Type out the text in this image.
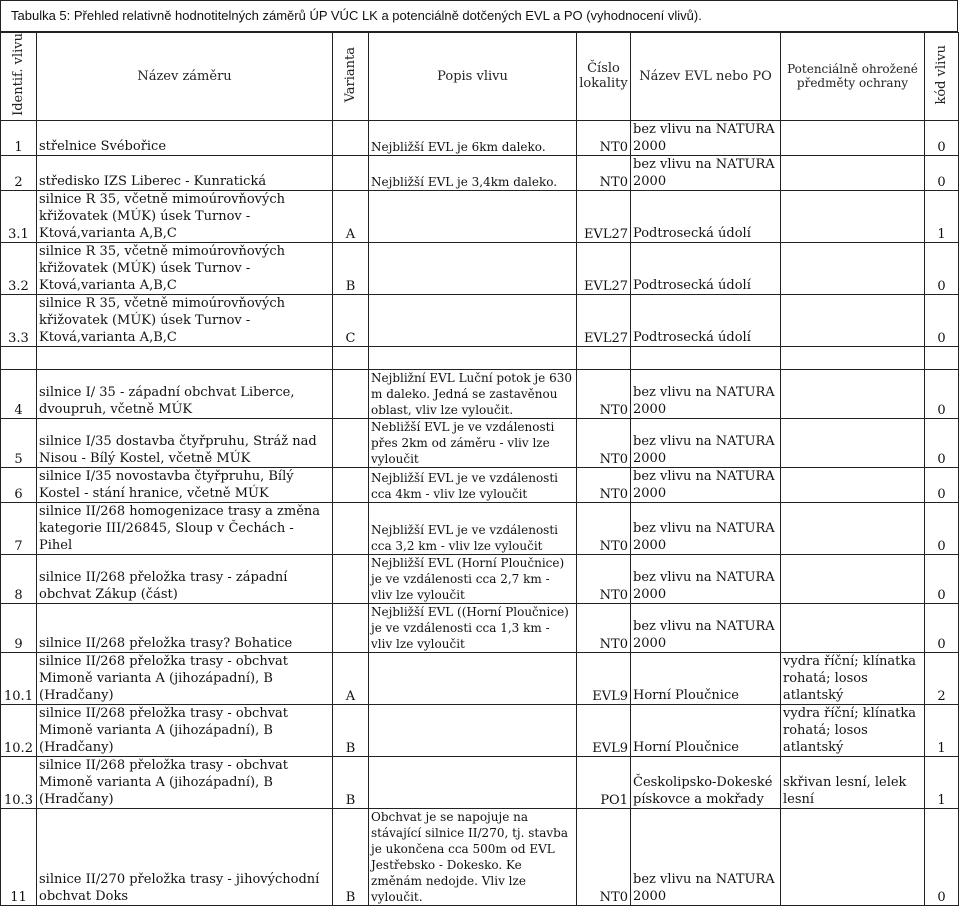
Tabulka 5: Přehled relativně hodnotitelných záměrů ÚP VÚC LK a potenciálně dotčených EVL a PO (vyhodnocení vlivů).
Identif. vlivu	Název záměru	Varianta	Popis vlivu	Číslo lokality	Název EVL nebo PO	Potenciálně ohrožené předměty ochrany	kód vlivu
1	střelnice Svébořice		Nejbližší EVL je 6km daleko.	NT0	bez vlivu na NATURA 2000		0
2	středisko IZS Liberec - Kunratická		Nejbližší EVL je 3,4km daleko.	NT0	bez vlivu na NATURA 2000		0
3.1	silnice R 35, včetně mimoúrovňových křižovatek (MÚK) úsek Turnov - Ktová,varianta A,B,C	A		EVL27	Podtrosecká údolí		1
3.2	silnice R 35, včetně mimoúrovňových křižovatek (MÚK) úsek Turnov - Ktová,varianta A,B,C	B		EVL27	Podtrosecká údolí		0
3.3	silnice R 35, včetně mimoúrovňových křižovatek (MÚK) úsek Turnov - Ktová,varianta A,B,C	C		EVL27	Podtrosecká údolí		0

4	silnice I/ 35 - západní obchvat Liberce, dvoupruh, včetně MÚK		Nejbližní EVL Luční potok je 630 m daleko. Jedná se zastavěnou oblast, vliv lze vyloučit.	NT0	bez vlivu na NATURA 2000		0
5	silnice I/35 dostavba čtyřpruhu, Stráž nad Nisou - Bílý Kostel, včetně MÚK		Nebližší EVL je ve vzdálenosti přes 2km od záměru - vliv lze vyloučit	NT0	bez vlivu na NATURA 2000		0
6	silnice I/35 novostavba čtyřpruhu, Bílý Kostel - stání hranice, včetně MÚK		Nejbližší EVL je ve vzdálenosti cca 4km - vliv lze vyloučit	NT0	bez vlivu na NATURA 2000		0
7	silnice II/268 homogenizace trasy a změna kategorie III/26845, Sloup v Čechách - Pihel		Nejbližší EVL je ve vzdálenosti cca 3,2 km - vliv lze vyloučit	NT0	bez vlivu na NATURA 2000		0
8	silnice II/268 přeložka trasy - západní obchvat Zákup (část)		Nejbližší EVL (Horní Ploučnice) je ve vzdálenosti cca 2,7 km - vliv lze vyloučit	NT0	bez vlivu na NATURA 2000		0
9	silnice II/268 přeložka trasy? Bohatice		Nejbližší EVL ((Horní Ploučnice) je ve vzdálenosti cca 1,3 km - vliv lze vyloučit	NT0	bez vlivu na NATURA 2000		0
10.1	silnice II/268 přeložka trasy - obchvat Mimoně varianta A (jihozápadní), B (Hradčany)	A		EVL9	Horní Ploučnice	vydra říční; klínatka rohatá; losos atlantský	2
10.2	silnice II/268 přeložka trasy - obchvat Mimoně varianta A (jihozápadní), B (Hradčany)	B		EVL9	Horní Ploučnice	vydra říční; klínatka rohatá; losos atlantský	1
10.3	silnice II/268 přeložka trasy - obchvat Mimoně varianta A (jihozápadní), B (Hradčany)	B		PO1	Českolipsko-Dokeské pískovce a mokřady	skřivan lesní, lelek lesní	1
11	silnice II/270 přeložka trasy - jihovýchodní obchvat Doks	B	Obchvat je se napojuje na stávající silnice II/270, tj. stavba je ukončena cca 500m od EVL Jestřebsko - Dokesko. Ke změnám nedojde. Vliv lze vyloučit.	NT0	bez vlivu na NATURA 2000		0
